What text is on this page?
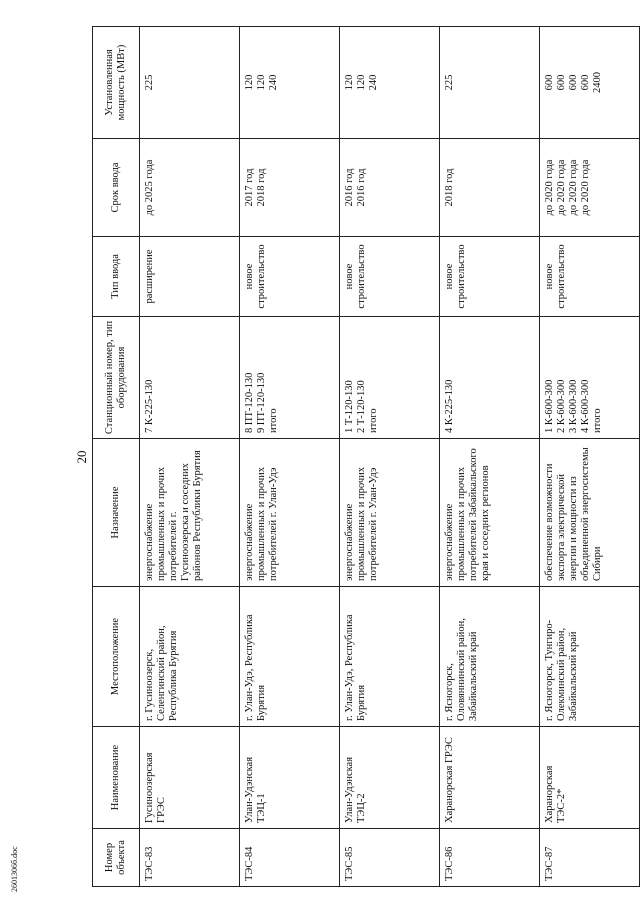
20
Номер объекта	Наименование	Местоположение	Назначение	Станционный номер, тип оборудования	Тип ввода	Срок ввода	Установленная мощность (МВт)
ТЭС-83	Гусиноозерская ГРЭС	г. Гусиноозерск, Селенгинский район, Республика Бурятия	энергоснабжение промышленных и прочих потребителей г. Гусиноозерска и соседних районов Республики Бурятия	7 К-225-130	расширение	до 2025 года	225

ТЭС-84	Улан-Удэнская ТЭЦ-1	г. Улан-Удэ, Республика Бурятия	энергоснабжение промышленных и прочих потребителей г. Улан-Удэ	8 ПТ-120-130 9 ПТ-120-130 итого	новое строительство	2017 год 2018 год	120 120 240

ТЭС-85	Улан-Удэнская ТЭЦ-2	г. Улан-Удэ, Республика Бурятия	энергоснабжение промышленных и прочих потребителей г. Улан-Удэ	1 Т-120-130 2 Т-120-130 итого	новое строительство	2016 год 2016 год	120 120 240

ТЭС-86	Харанорская ГРЭС	г. Ясногорск, Оловяннинский район, Забайкальский край	энергоснабжение промышленных и прочих потребителей Забайкальского края и соседних регионов	4 К-225-130	новое строительство	2018 год	225

ТЭС-87	Харанорская ТЭС-2*	г. Ясногорск, Тунгиро-Олекминский район, Забайкальский край	обеспечение возможности экспорта электрической энергии и мощности из объединенной энергосистемы Сибири	1 К-600-300 2 К-600-300 3 К-600-300 4 К-600-300 итого	новое строительство	до 2020 года до 2020 года до 2020 года до 2020 года	600 600 600 600 2400
2601306б.doc
